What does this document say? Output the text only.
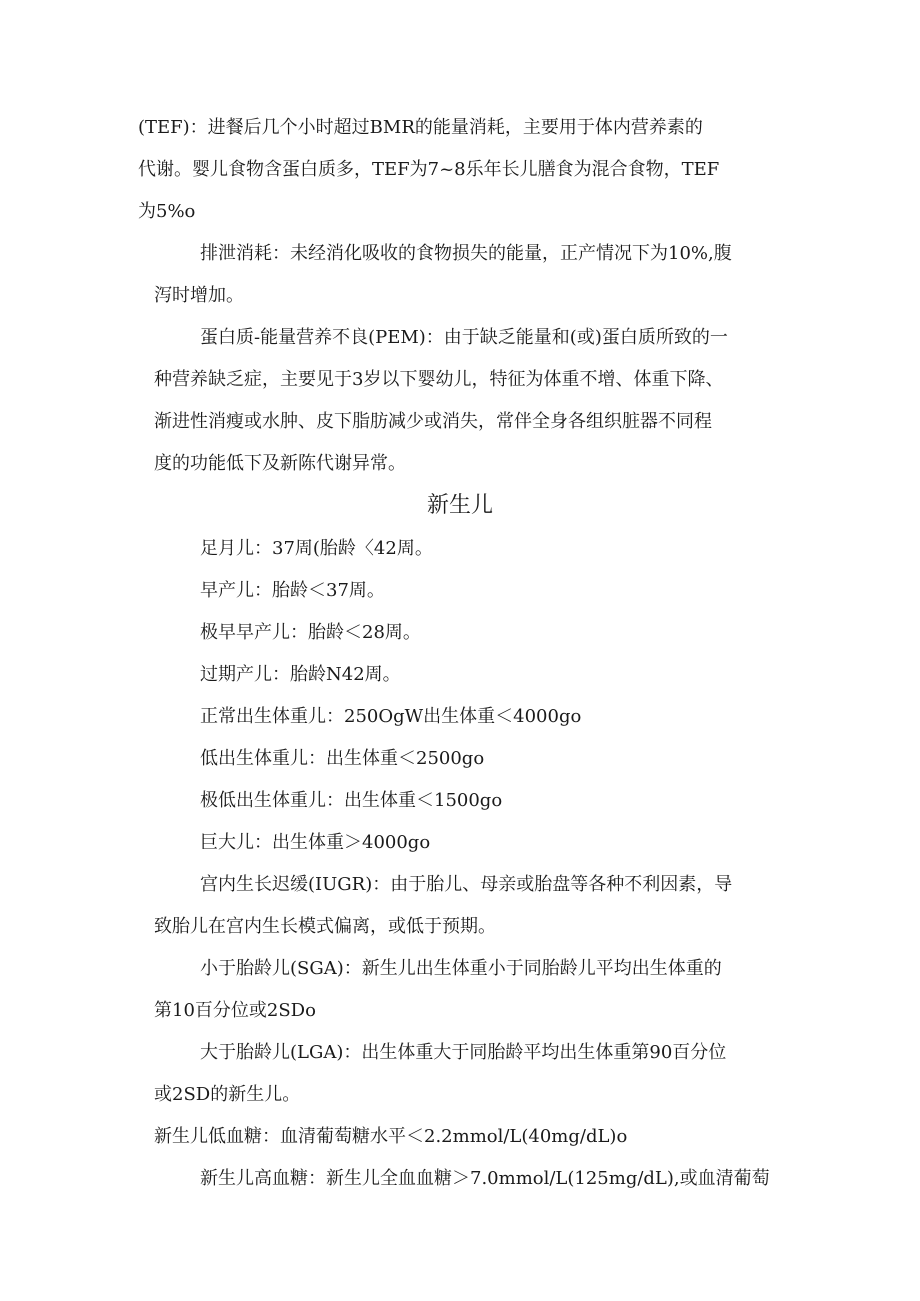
(TEF)：进餐后几个小时超过BMR的能量消耗，主要用于体内营养素的

代谢。婴儿食物含蛋白质多，TEF为7~8乐年长儿膳食为混合食物，TEF

为5%o

排泄消耗：未经消化吸收的食物损失的能量，正产情况下为10%,腹

泻时增加。

蛋白质-能量营养不良(PEM)：由于缺乏能量和(或)蛋白质所致的一

种营养缺乏症，主要见于3岁以下婴幼儿，特征为体重不增、体重下降、

渐进性消瘦或水肿、皮下脂肪减少或消失，常伴全身各组织脏器不同程

度的功能低下及新陈代谢异常。

新生儿

足月儿：37周(胎龄〈42周。

早产儿：胎龄＜37周。

极早早产儿：胎龄＜28周。

过期产儿：胎龄N42周。

正常出生体重儿：250OgW出生体重＜4000go

低出生体重儿：出生体重＜2500go

极低出生体重儿：出生体重＜1500go

巨大儿：出生体重＞4000go

宫内生长迟缓(IUGR)：由于胎儿、母亲或胎盘等各种不利因素，导

致胎儿在宫内生长模式偏离，或低于预期。

小于胎龄儿(SGA)：新生儿出生体重小于同胎龄儿平均出生体重的

第10百分位或2SDo

大于胎龄儿(LGA)：出生体重大于同胎龄平均出生体重第90百分位

或2SD的新生儿。

新生儿低血糖：血清葡萄糖水平＜2.2mmol/L(40mg/dL)o

新生儿高血糖：新生儿全血血糖＞7.0mmol/L(125mg/dL),或血清葡萄
